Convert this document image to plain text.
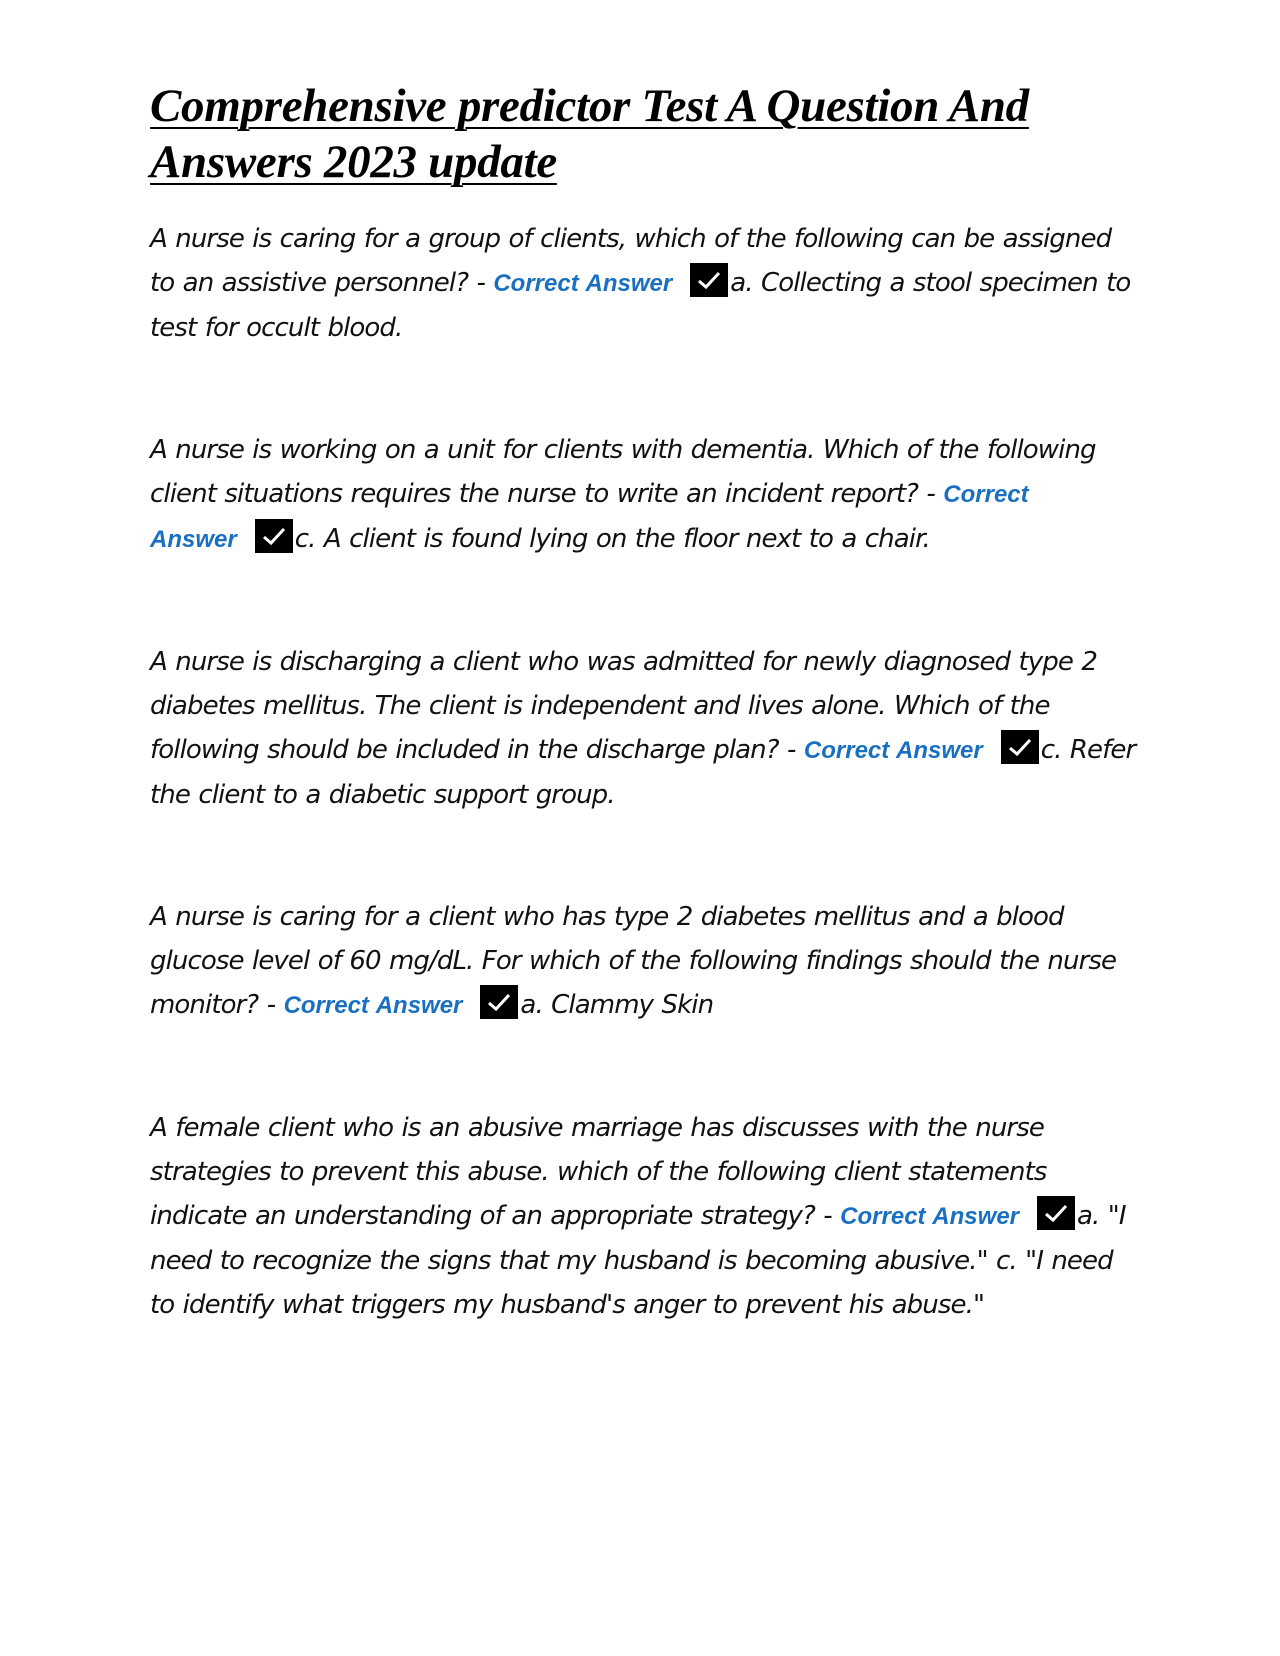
Comprehensive predictor Test A Question And Answers 2023 update

A nurse is caring for a group of clients, which of the following can be assigned to an assistive personnel? - Correct Answer a. Collecting a stool specimen to test for occult blood.

A nurse is working on a unit for clients with dementia. Which of the following client situations requires the nurse to write an incident report? - Correct Answer c. A client is found lying on the floor next to a chair.

A nurse is discharging a client who was admitted for newly diagnosed type 2 diabetes mellitus. The client is independent and lives alone. Which of the following should be included in the discharge plan? - Correct Answer c. Refer the client to a diabetic support group.

A nurse is caring for a client who has type 2 diabetes mellitus and a blood glucose level of 60 mg/dL. For which of the following findings should the nurse monitor? - Correct Answer a. Clammy Skin

A female client who is an abusive marriage has discusses with the nurse strategies to prevent this abuse. which of the following client statements indicate an understanding of an appropriate strategy? - Correct Answer a. "I need to recognize the signs that my husband is becoming abusive." c. "I need to identify what triggers my husband's anger to prevent his abuse."
